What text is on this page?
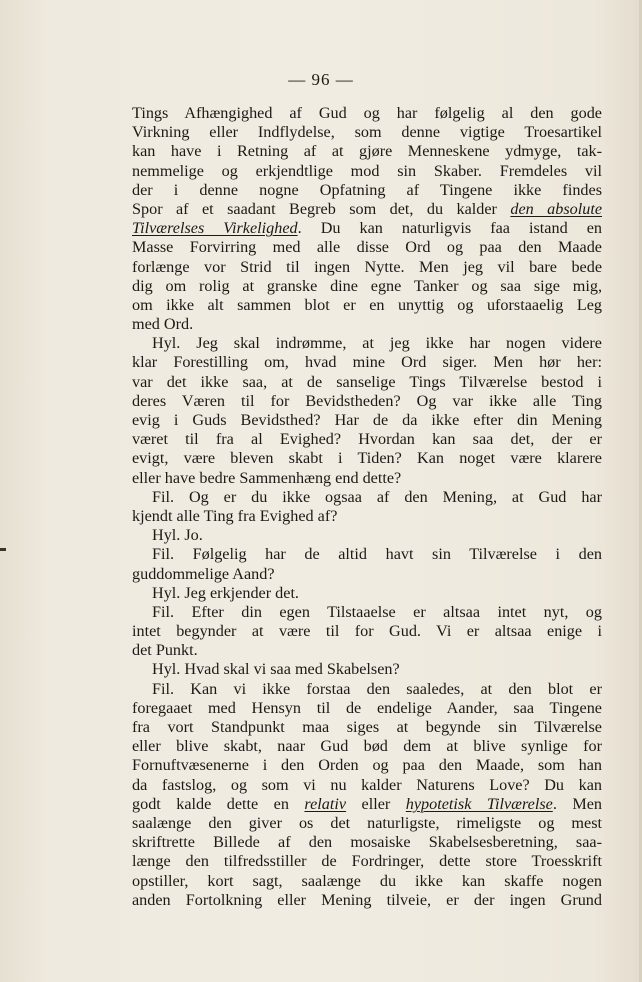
— 96 —
Tings Afhængighed af Gud og har følgelig al den gode
Virkning eller Indflydelse, som denne vigtige Troesartikel
kan have i Retning af at gjøre Menneskene ydmyge, tak-
nemmelige og erkjendtlige mod sin Skaber. Fremdeles vil
der i denne nogne Opfatning af Tingene ikke findes
Spor af et saadant Begreb som det, du kalder den absolute
Tilværelses Virkelighed. Du kan naturligvis faa istand en
Masse Forvirring med alle disse Ord og paa den Maade
forlænge vor Strid til ingen Nytte. Men jeg vil bare bede
dig om rolig at granske dine egne Tanker og saa sige mig,
om ikke alt sammen blot er en unyttig og uforstaaelig Leg
med Ord.
Hyl. Jeg skal indrømme, at jeg ikke har nogen videre
klar Forestilling om, hvad mine Ord siger. Men hør her:
var det ikke saa, at de sanselige Tings Tilværelse bestod i
deres Væren til for Bevidstheden? Og var ikke alle Ting
evig i Guds Bevidsthed? Har de da ikke efter din Mening
været til fra al Evighed? Hvordan kan saa det, der er
evigt, være bleven skabt i Tiden? Kan noget være klarere
eller have bedre Sammenhæng end dette?
Fil. Og er du ikke ogsaa af den Mening, at Gud har
kjendt alle Ting fra Evighed af?
Hyl. Jo.
Fil. Følgelig har de altid havt sin Tilværelse i den
guddommelige Aand?
Hyl. Jeg erkjender det.
Fil. Efter din egen Tilstaaelse er altsaa intet nyt, og
intet begynder at være til for Gud. Vi er altsaa enige i
det Punkt.
Hyl. Hvad skal vi saa med Skabelsen?
Fil. Kan vi ikke forstaa den saaledes, at den blot er
foregaaet med Hensyn til de endelige Aander, saa Tingene
fra vort Standpunkt maa siges at begynde sin Tilværelse
eller blive skabt, naar Gud bød dem at blive synlige for
Fornuftvæsenerne i den Orden og paa den Maade, som han
da fastslog, og som vi nu kalder Naturens Love? Du kan
godt kalde dette en relativ eller hypotetisk Tilværelse. Men
saalænge den giver os det naturligste, rimeligste og mest
skriftrette Billede af den mosaiske Skabelsesberetning, saa-
længe den tilfredsstiller de Fordringer, dette store Troesskrift
opstiller, kort sagt, saalænge du ikke kan skaffe nogen
anden Fortolkning eller Mening tilveie, er der ingen Grund
